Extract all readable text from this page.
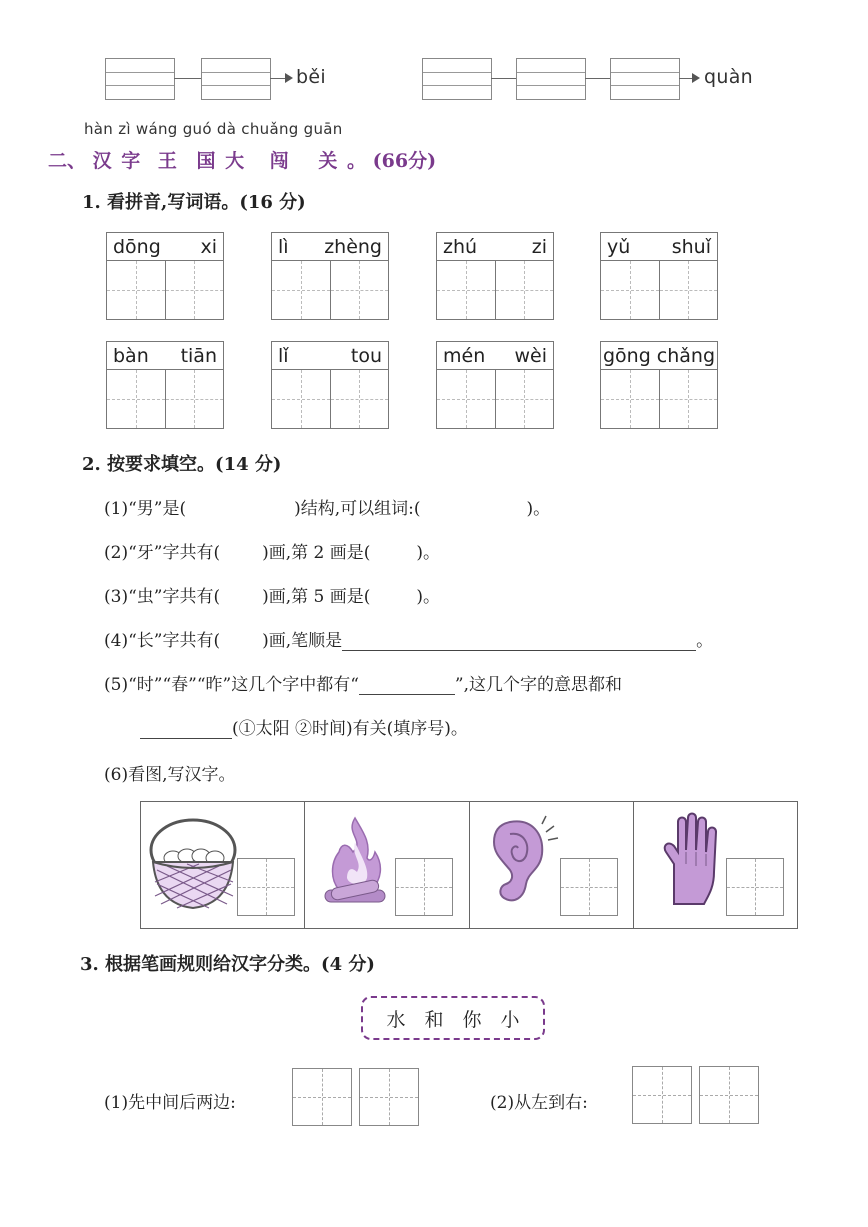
běi	quàn
hàn zì wáng guó dà chuǎng guān
二、 汉 字 王 国 大 闯 关 。 (66分)
1. 看拼音,写词语。(16 分)
dōng xi	lì zhèng	zhú	zi	yǔ shuǐ
bàn tiān	lǐ	tou	mén wèi	gōng chǎng
2. 按要求填空。(14 分)
(1)“男”是(	)结构,可以组词:(	)。
(2)“牙”字共有( )画,第 2 画是(	)。
(3)“虫”字共有( )画,第 5 画是(	)。
(4)“长”字共有( )画,笔顺是	。
(5)“时”“春”“昨”这几个字中都有“	”,这几个字的意思都和
(①太阳 ②时间)有关(填序号)。
(6)看图,写汉字。
3. 根据笔画规则给汉字分类。(4 分)
水 和 你 小
(1)先中间后两边:	(2)从左到右:
